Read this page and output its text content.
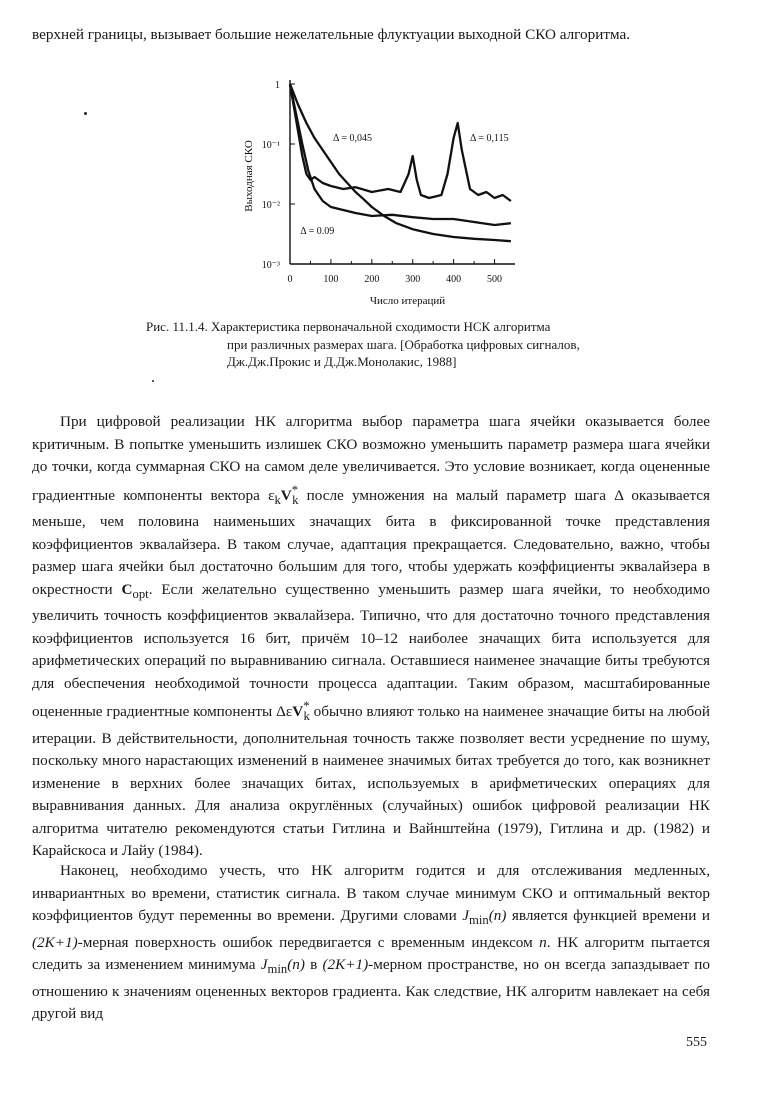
верхней границы, вызывает большие нежелательные флуктуации выходной СКО алгоритма.

0	100	200	300	400	500
1
10⁻¹
10⁻²
10⁻³
Число итераций
Выходная СКО
Δ = 0,045
Δ = 0.09
Δ = 0,115
Рис. 11.1.4. Характеристика первоначальной сходимости НСК алгоритма
при различных размерах шага. [Обработка цифровых сигналов,
Дж.Дж.Прокис и Д.Дж.Монолакис, 1988]

При цифровой реализации НК алгоритма выбор параметра шага ячейки оказывается более критичным. В попытке уменьшить излишек СКО возможно уменьшить параметр размера шага ячейки до точки, когда суммарная СКО на самом деле увеличивается. Это условие возникает, когда оцененные градиентные компоненты вектора $\varepsilon_kV^*_k$ после умножения на малый параметр шага Δ оказывается меньше, чем половина наименьших значащих бита в фиксированной точке представления коэффициентов эквалайзера. В таком случае, адаптация прекращается. Следовательно, важно, чтобы размер шага ячейки был достаточно большим для того, чтобы удержать коэффициенты эквалайзера в окрестности $C_{opt}$. Если желательно существенно уменьшить размер шага ячейки, то необходимо увеличить точность коэффициентов эквалайзера. Типично, что для достаточно точного представления коэффициентов используется 16 бит, причём 10–12 наиболее значащих бита используется для арифметических операций по выравниванию сигнала. Оставшиеся наименее значащие биты требуются для обеспечения необходимой точности процесса адаптации. Таким образом, масштабированные оцененные градиентные компоненты ΔεV*$_k$ обычно влияют только на наименее значащие биты на любой итерации. В действительности, дополнительная точность также позволяет вести усреднение по шуму, поскольку много нарастающих изменений в наименее значимых битах требуется до того, как возникнет изменение в верхних более значащих битах, используемых в арифметических операциях для выравнивания данных. Для анализа округлённых (случайных) ошибок цифровой реализации НК алгоритма читателю рекомендуются статьи Гитлина и Вайнштейна (1979), Гитлина и др. (1982) и Карайскоса и Лайу (1984).

Наконец, необходимо учесть, что НК алгоритм годится и для отслеживания медленных, инвариантных во времени, статистик сигнала. В таком случае минимум СКО и оптимальный вектор коэффициентов будут переменны во времени. Другими словами $J_{min}(n)$ является функцией времени и (2K+1)-мерная поверхность ошибок передвигается с временным индексом n. НК алгоритм пытается следить за изменением минимума $J_{min}(n)$ в (2K+1)-мерном пространстве, но он всегда запаздывает по отношению к значениям оцененных векторов градиента. Как следствие, НК алгоритм навлекает на себя другой вид

555
